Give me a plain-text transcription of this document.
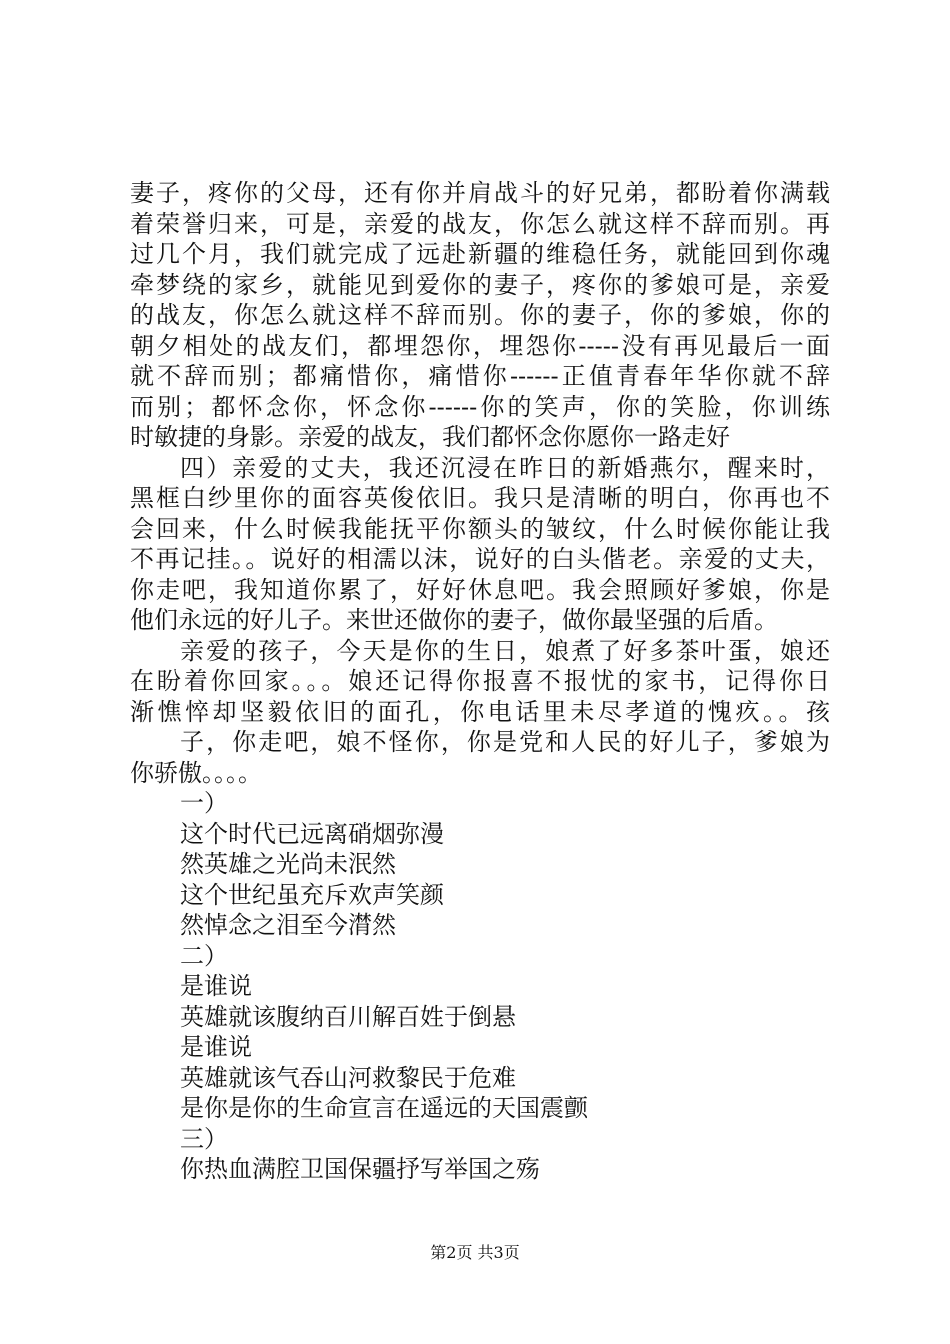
妻子，疼你的父母，还有你并肩战斗的好兄弟，都盼着你满载
着荣誉归来，可是，亲爱的战友，你怎么就这样不辞而别。再
过几个月，我们就完成了远赴新疆的维稳任务，就能回到你魂
牵梦绕的家乡，就能见到爱你的妻子，疼你的爹娘可是，亲爱
的战友，你怎么就这样不辞而别。你的妻子，你的爹娘，你的
朝夕相处的战友们，都埋怨你，埋怨你-----没有再见最后一面
就不辞而别；都痛惜你，痛惜你------正值青春年华你就不辞
而别；都怀念你，怀念你------你的笑声，你的笑脸，你训练
时敏捷的身影。亲爱的战友，我们都怀念你愿你一路走好
四）亲爱的丈夫，我还沉浸在昨日的新婚燕尔，醒来时，
黑框白纱里你的面容英俊依旧。我只是清晰的明白，你再也不
会回来，什么时候我能抚平你额头的皱纹，什么时候你能让我
不再记挂。。说好的相濡以沫，说好的白头偕老。亲爱的丈夫，
你走吧，我知道你累了，好好休息吧。我会照顾好爹娘，你是
他们永远的好儿子。来世还做你的妻子，做你最坚强的后盾。
亲爱的孩子，今天是你的生日，娘煮了好多茶叶蛋，娘还
在盼着你回家。。。娘还记得你报喜不报忧的家书，记得你日
渐憔悴却坚毅依旧的面孔，你电话里未尽孝道的愧疚。。孩
子，你走吧，娘不怪你，你是党和人民的好儿子，爹娘为
你骄傲。。。。
一）
这个时代已远离硝烟弥漫
然英雄之光尚未泯然
这个世纪虽充斥欢声笑颜
然悼念之泪至今潸然
二）
是谁说
英雄就该腹纳百川解百姓于倒悬
是谁说
英雄就该气吞山河救黎民于危难
是你是你的生命宣言在遥远的天国震颤
三）
你热血满腔卫国保疆抒写举国之殇
第2页 共3页
